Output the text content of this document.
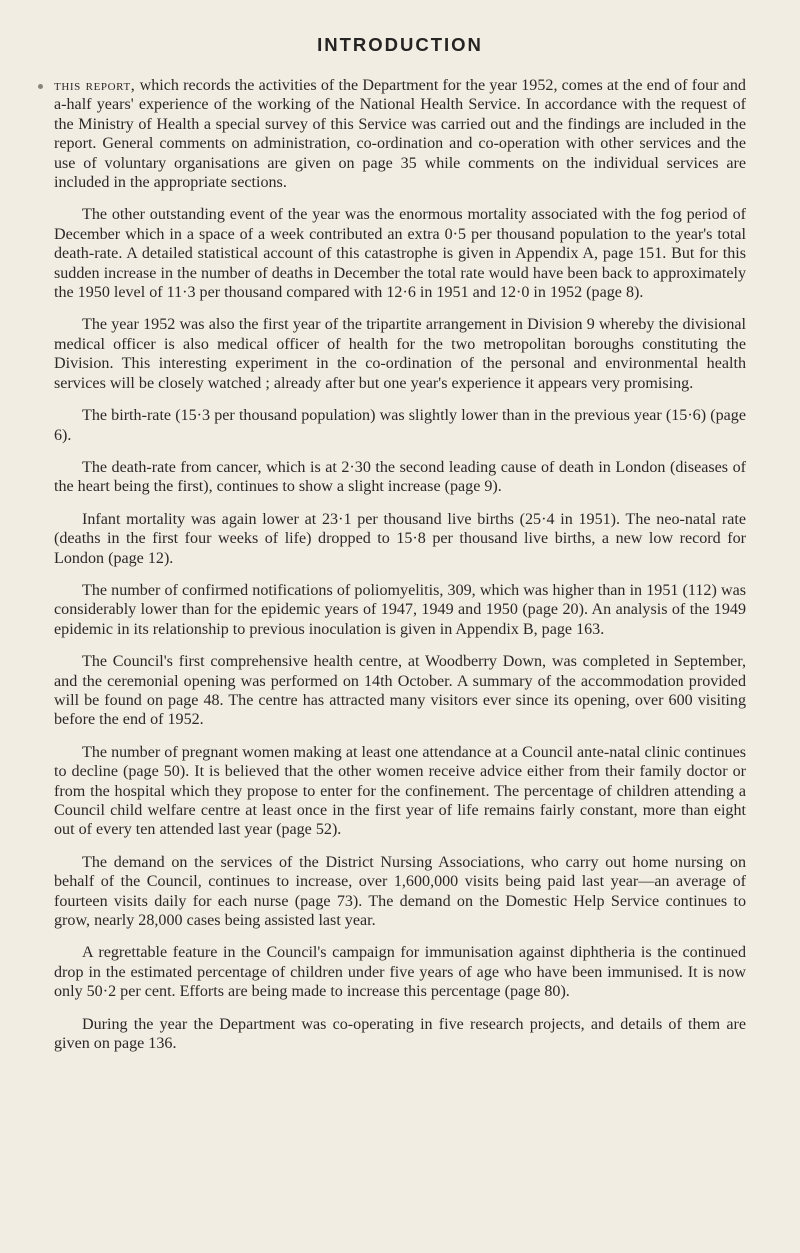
INTRODUCTION

this report, which records the activities of the Department for the year 1952, comes at the end of four and a-half years' experience of the working of the National Health Service. In accordance with the request of the Ministry of Health a special survey of this Service was carried out and the findings are included in the report. General comments on administration, co-ordination and co-operation with other services and the use of voluntary organisations are given on page 35 while comments on the individual services are included in the appropriate sections.

The other outstanding event of the year was the enormous mortality associated with the fog period of December which in a space of a week contributed an extra 0·5 per thousand population to the year's total death-rate. A detailed statistical account of this catastrophe is given in Appendix A, page 151. But for this sudden increase in the number of deaths in December the total rate would have been back to approximately the 1950 level of 11·3 per thousand compared with 12·6 in 1951 and 12·0 in 1952 (page 8).

The year 1952 was also the first year of the tripartite arrangement in Division 9 whereby the divisional medical officer is also medical officer of health for the two metropolitan boroughs constituting the Division. This interesting experiment in the co-ordination of the personal and environmental health services will be closely watched ; already after but one year's experience it appears very promising.

The birth-rate (15·3 per thousand population) was slightly lower than in the previous year (15·6) (page 6).

The death-rate from cancer, which is at 2·30 the second leading cause of death in London (diseases of the heart being the first), continues to show a slight increase (page 9).

Infant mortality was again lower at 23·1 per thousand live births (25·4 in 1951). The neo-natal rate (deaths in the first four weeks of life) dropped to 15·8 per thousand live births, a new low record for London (page 12).

The number of confirmed notifications of poliomyelitis, 309, which was higher than in 1951 (112) was considerably lower than for the epidemic years of 1947, 1949 and 1950 (page 20). An analysis of the 1949 epidemic in its relationship to previous inoculation is given in Appendix B, page 163.

The Council's first comprehensive health centre, at Woodberry Down, was completed in September, and the ceremonial opening was performed on 14th October. A summary of the accommodation provided will be found on page 48. The centre has attracted many visitors ever since its opening, over 600 visiting before the end of 1952.

The number of pregnant women making at least one attendance at a Council ante-natal clinic continues to decline (page 50). It is believed that the other women receive advice either from their family doctor or from the hospital which they propose to enter for the confinement. The percentage of children attending a Council child welfare centre at least once in the first year of life remains fairly constant, more than eight out of every ten attended last year (page 52).

The demand on the services of the District Nursing Associations, who carry out home nursing on behalf of the Council, continues to increase, over 1,600,000 visits being paid last year—an average of fourteen visits daily for each nurse (page 73). The demand on the Domestic Help Service continues to grow, nearly 28,000 cases being assisted last year.

A regrettable feature in the Council's campaign for immunisation against diphtheria is the continued drop in the estimated percentage of children under five years of age who have been immunised. It is now only 50·2 per cent. Efforts are being made to increase this percentage (page 80).

During the year the Department was co-operating in five research projects, and details of them are given on page 136.
